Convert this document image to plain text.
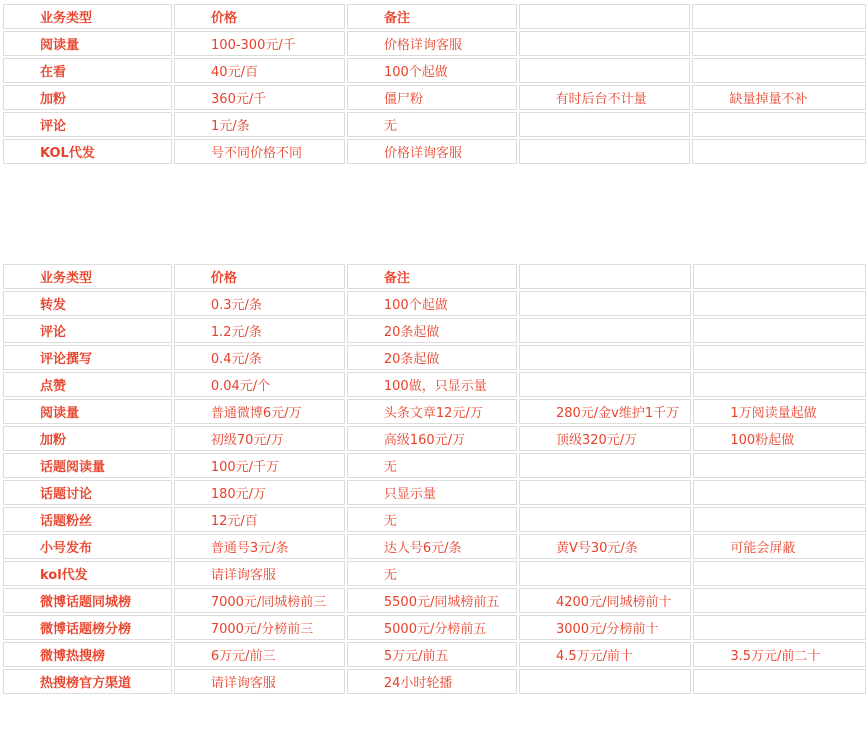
业务类型	价格	备注		
阅读量	100-300元/千	价格详询客服		
在看	40元/百	100个起做		
加粉	360元/千	僵尸粉	有时后台不计量	缺量掉量不补
评论	1元/条	无		
KOL代发	号不同价格不同	价格详询客服		
业务类型	价格	备注		
转发	0.3元/条	100个起做		
评论	1.2元/条	20条起做		
评论撰写	0.4元/条	20条起做		
点赞	0.04元/个	100做，只显示量		
阅读量	普通微博6元/万	头条文章12元/万	280元/金v维护1千万	1万阅读量起做
加粉	初级70元/万	高级160元/万	顶级320元/万	100粉起做
话题阅读量	100元/千万	无		
话题讨论	180元/万	只显示量		
话题粉丝	12元/百	无		
小号发布	普通号3元/条	达人号6元/条	黄V号30元/条	可能会屏蔽
kol代发	请详询客服	无		
微博话题同城榜	7000元/同城榜前三	5500元/同城榜前五	4200元/同城榜前十	
微博话题榜分榜	7000元/分榜前三	5000元/分榜前五	3000元/分榜前十	
微博热搜榜	6万元/前三	5万元/前五	4.5万元/前十	3.5万元/前二十
热搜榜官方渠道	请详询客服	24小时轮播		
